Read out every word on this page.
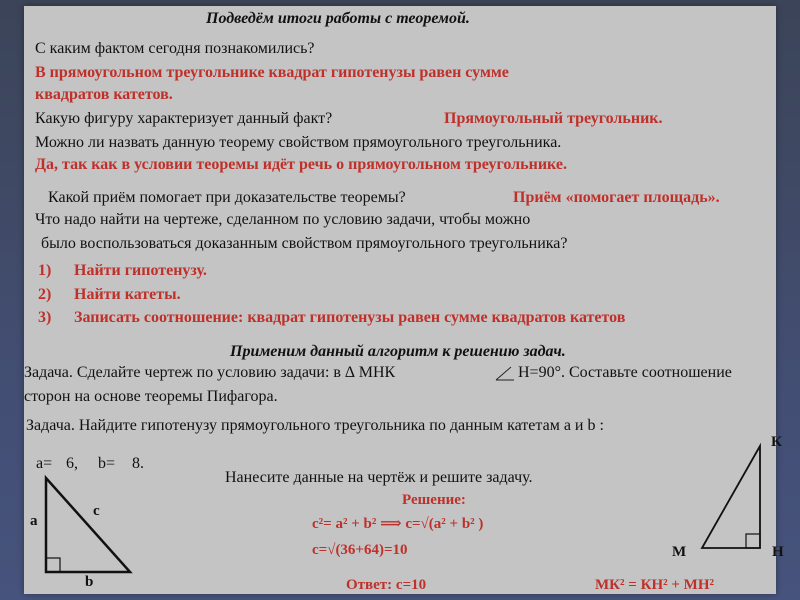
Подведём итоги работы с теоремой.
С каким фактом сегодня познакомились?
В прямоугольном треугольнике квадрат гипотенузы равен сумме
квадратов катетов.
Какую фигуру характеризует данный факт?	Прямоугольный треугольник.
Можно ли назвать данную теорему свойством прямоугольного треугольника.
Да, так как в условии теоремы идёт речь о прямоугольном треугольнике.
Какой приём помогает при доказательстве теоремы?	Приём «помогает площадь».
Что надо найти на чертеже, сделанном по условию задачи, чтобы можно
было воспользоваться доказанным свойством прямоугольного треугольника?
1) Найти гипотенузу.
2) Найти катеты.
3) Записать соотношение: квадрат гипотенузы равен сумме квадратов катетов
Применим данный алгоритм к решению задач.
Задача. Сделайте чертеж по условию задачи: в ∆ МНК	Н=90°. Составьте соотношение
сторон на основе теоремы Пифагора.
Задача. Найдите гипотенузу прямоугольного треугольника по данным катетам a и b :
a= 6, b= 8.
a
c
b
Нанесите данные на чертёж и решите задачу.
Решение:
c²= a² + b² ⟹ c=√(a² + b² )
c=√(36+64)=10
Ответ: c=10
К
М	Н
МК² = КН² + МН²
